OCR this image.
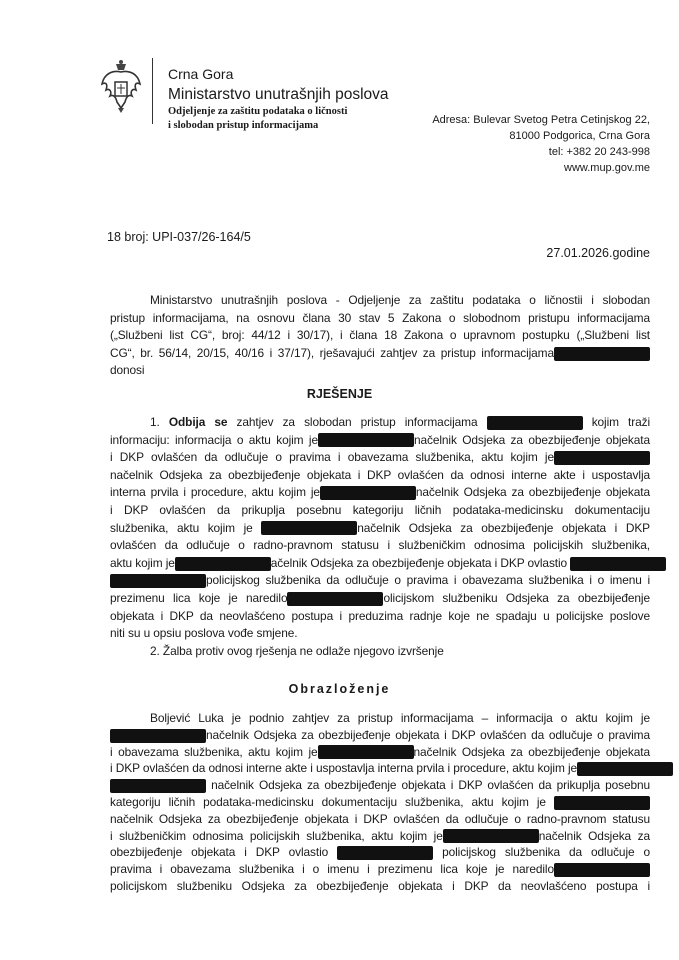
Crna Gora
Ministarstvo unutrašnjih poslova
Odjeljenje za zaštitu podataka o ličnosti
i slobodan pristup informacijama	Adresa: Bulevar Svetog Petra Cetinjskog 22,
81000 Podgorica, Crna Gora
tel: +382 20 243-998
www.mup.gov.me
18 broj: UPI-037/26-164/5
27.01.2026.godine
Ministarstvo unutrašnjih poslova - Odjeljenje za zaštitu podataka o ličnostii i slobodan
pristup informacijama, na osnovu člana 30 stav 5 Zakona o slobodnom pristupu informacijama
(„Službeni list CG“, broj: 44/12 i 30/17), i člana 18 Zakona o upravnom postupku („Službeni list
CG“, br. 56/14, 20/15, 40/16 i 37/17), rješavajući zahtjev za pristup informacijama
donosi
RJEŠENJE
1. Odbija se zahtjev za slobodan pristup informacijama	kojim traži
informaciju: informacija o aktu kojim je	načelnik Odsjeka za obezbijeđenje objekata
i DKP ovlašćen da odlučuje o pravima i obavezama službenika, aktu kojim je
načelnik Odsjeka za obezbijeđenje objekata i DKP ovlašćen da odnosi interne akte i uspostavlja
interna prvila i procedure, aktu kojim je	načelnik Odsjeka za obezbijeđenje objekata
i DKP ovlašćen da prikuplja posebnu kategoriju ličnih podataka-medicinsku dokumentaciju
službenika, aktu kojim je	načelnik Odsjeka za obezbijeđenje objekata i DKP
ovlašćen da odlučuje o radno-pravnom statusu i službeničkim odnosima policijskih službenika,
aktu kojim je	ačelnik Odsjeka za obezbijeđenje objekata i DKP ovlastio
policijskog službenika da odlučuje o pravima i obavezama službenika i o imenu i
prezimenu lica koje je naredilo	olicijskom službeniku Odsjeka za obezbijeđenje
objekata i DKP da neovlašćeno postupa i preduzima radnje koje ne spadaju u policijske poslove
niti su u opsiu poslova vođe smjene.
2. Žalba protiv ovog rješenja ne odlaže njegovo izvršenje
Obrazloženje
Boljević Luka je podnio zahtjev za pristup informacijama – informacija o aktu kojim je
načelnik Odsjeka za obezbijeđenje objekata i DKP ovlašćen da odlučuje o pravima
i obavezama službenika, aktu kojim je	načelnik Odsjeka za obezbijeđenje objekata
i DKP ovlašćen da odnosi interne akte i uspostavlja interna prvila i procedure, aktu kojim je
načelnik Odsjeka za obezbijeđenje objekata i DKP ovlašćen da prikuplja posebnu
kategoriju ličnih podataka-medicinsku dokumentaciju službenika, aktu kojim je
načelnik Odsjeka za obezbijeđenje objekata i DKP ovlašćen da odlučuje o radno-pravnom statusu
i službeničkim odnosima policijskih službenika, aktu kojim je	načelnik Odsjeka za
obezbijeđenje objekata i DKP ovlastio	policijskog službenika da odlučuje o
pravima i obavezama službenika i o imenu i prezimenu lica koje je naredilo
policijskom službeniku Odsjeka za obezbijeđenje objekata i DKP da neovlašćeno postupa i
